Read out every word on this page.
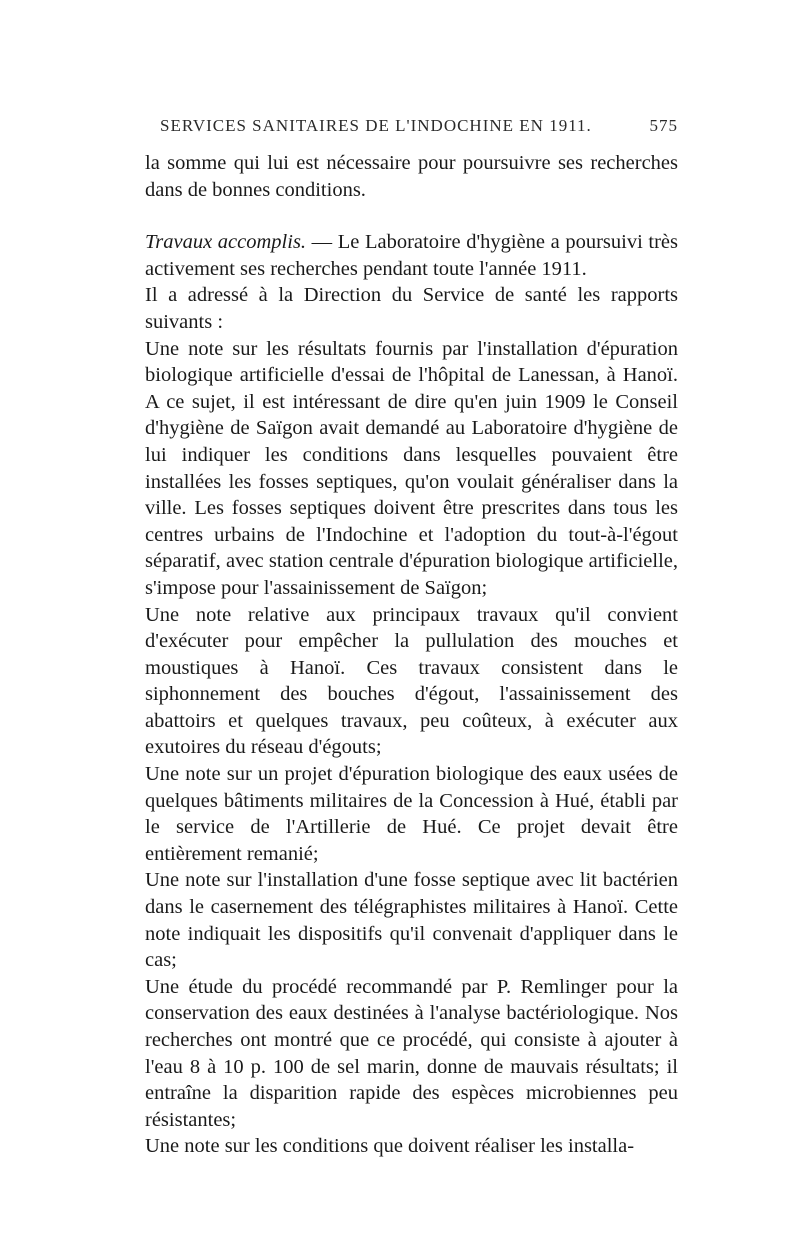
SERVICES SANITAIRES DE L'INDOCHINE EN 1911.	575

la somme qui lui est nécessaire pour poursuivre ses recherches dans de bonnes conditions.

Travaux accomplis. — Le Laboratoire d'hygiène a poursuivi très activement ses recherches pendant toute l'année 1911.

Il a adressé à la Direction du Service de santé les rapports suivants :

Une note sur les résultats fournis par l'installation d'épuration biologique artificielle d'essai de l'hôpital de Lanessan, à Hanoï. A ce sujet, il est intéressant de dire qu'en juin 1909 le Conseil d'hygiène de Saïgon avait demandé au Laboratoire d'hygiène de lui indiquer les conditions dans lesquelles pouvaient être installées les fosses septiques, qu'on voulait généraliser dans la ville. Les fosses septiques doivent être prescrites dans tous les centres urbains de l'Indochine et l'adoption du tout-à-l'égout séparatif, avec station centrale d'épuration biologique artificielle, s'impose pour l'assainissement de Saïgon;

Une note relative aux principaux travaux qu'il convient d'exécuter pour empêcher la pullulation des mouches et moustiques à Hanoï. Ces travaux consistent dans le siphonnement des bouches d'égout, l'assainissement des abattoirs et quelques travaux, peu coûteux, à exécuter aux exutoires du réseau d'égouts;

Une note sur un projet d'épuration biologique des eaux usées de quelques bâtiments militaires de la Concession à Hué, établi par le service de l'Artillerie de Hué. Ce projet devait être entièrement remanié;

Une note sur l'installation d'une fosse septique avec lit bactérien dans le casernement des télégraphistes militaires à Hanoï. Cette note indiquait les dispositifs qu'il convenait d'appliquer dans le cas;

Une étude du procédé recommandé par P. Remlinger pour la conservation des eaux destinées à l'analyse bactériologique. Nos recherches ont montré que ce procédé, qui consiste à ajouter à l'eau 8 à 10 p. 100 de sel marin, donne de mauvais résultats; il entraîne la disparition rapide des espèces microbiennes peu résistantes;

Une note sur les conditions que doivent réaliser les installa-
